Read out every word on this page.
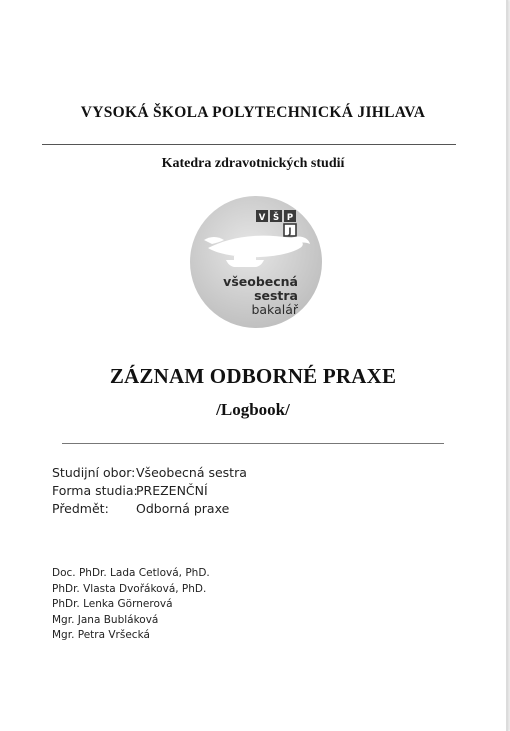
VYSOKÁ ŠKOLA POLYTECHNICKÁ JIHLAVA
Katedra zdravotnických studií
V Š P
J
všeobecná
sestra
bakalář
ZÁZNAM ODBORNÉ PRAXE
/Logbook/
Studijní obor:Všeobecná sestra
Forma studia:PREZENČNÍ
Předmět: Odborná praxe
Doc. PhDr. Lada Cetlová, PhD.
PhDr. Vlasta Dvořáková, PhD.
PhDr. Lenka Görnerová
Mgr. Jana Bubláková
Mgr. Petra Vršecká
